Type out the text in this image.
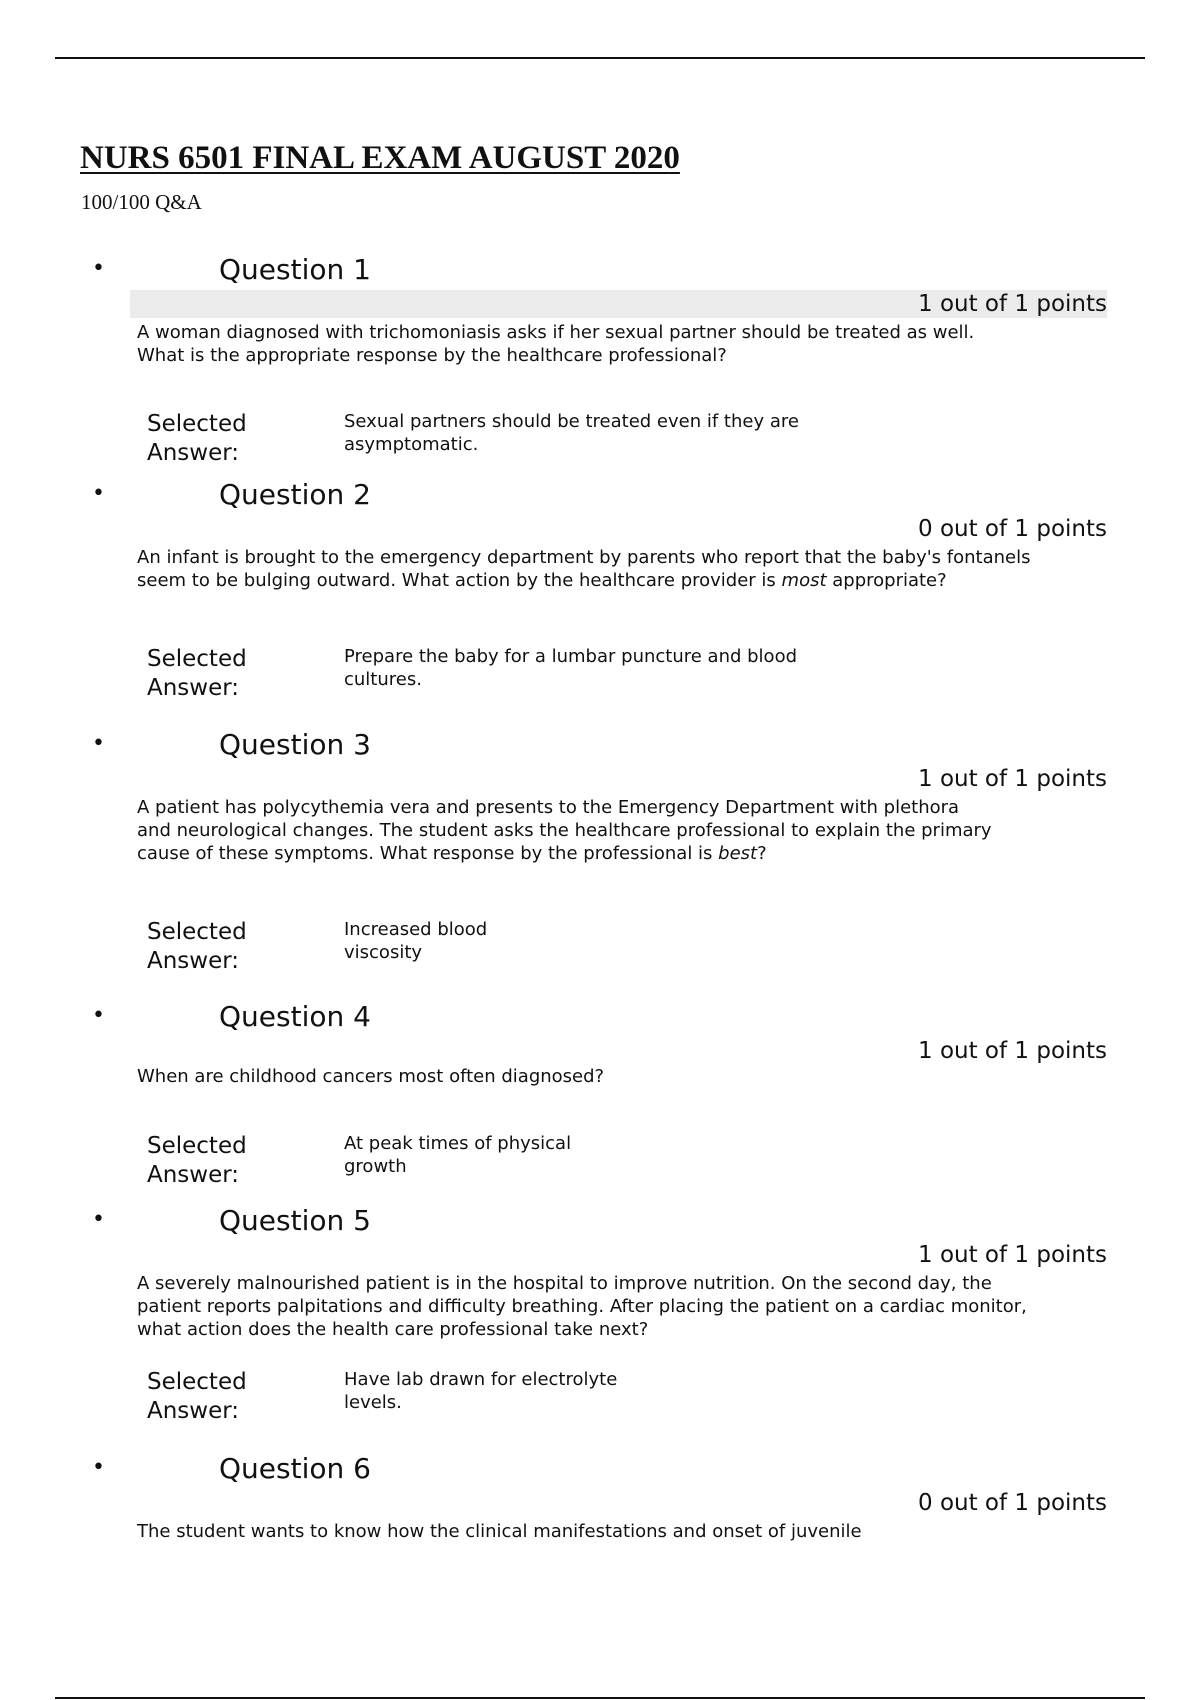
NURS 6501 FINAL EXAM AUGUST 2020
100/100 Q&A
•	Question 1
1 out of 1 points
A woman diagnosed with trichomoniasis asks if her sexual partner should be treated as well. What is the appropriate response by the healthcare professional?
Selected Answer:
Sexual partners should be treated even if they are asymptomatic.
•	Question 2
0 out of 1 points
An infant is brought to the emergency department by parents who report that the baby's fontanels seem to be bulging outward. What action by the healthcare provider is most appropriate?
Selected Answer:
Prepare the baby for a lumbar puncture and blood cultures.
•	Question 3
1 out of 1 points
A patient has polycythemia vera and presents to the Emergency Department with plethora and neurological changes. The student asks the healthcare professional to explain the primary cause of these symptoms. What response by the professional is best?
Selected Answer:
Increased blood viscosity
•	Question 4
1 out of 1 points
When are childhood cancers most often diagnosed?
Selected Answer:
At peak times of physical growth
•	Question 5
1 out of 1 points
A severely malnourished patient is in the hospital to improve nutrition. On the second day, the patient reports palpitations and difficulty breathing. After placing the patient on a cardiac monitor, what action does the health care professional take next?
Selected Answer:
Have lab drawn for electrolyte levels.
•	Question 6
0 out of 1 points
The student wants to know how the clinical manifestations and onset of juvenile
